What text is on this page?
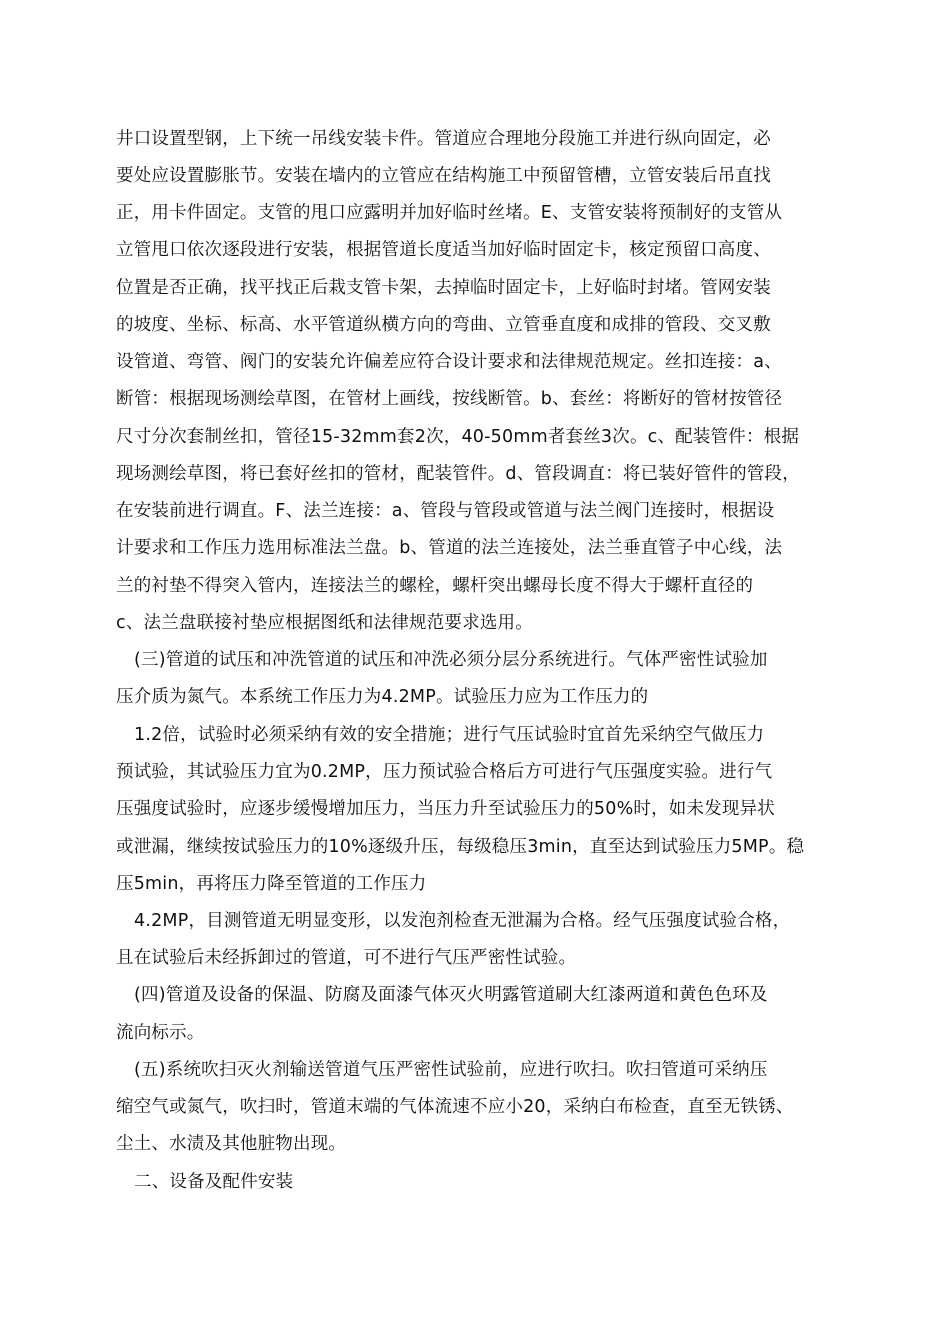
井口设置型钢，上下统一吊线安装卡件。管道应合理地分段施工并进行纵向固定，必
要处应设置膨胀节。安装在墙内的立管应在结构施工中预留管槽，立管安装后吊直找
正，用卡件固定。支管的甩口应露明并加好临时丝堵。E、支管安装将预制好的支管从
立管甩口依次逐段进行安装，根据管道长度适当加好临时固定卡，核定预留口高度、
位置是否正确，找平找正后栽支管卡架，去掉临时固定卡，上好临时封堵。管网安装
的坡度、坐标、标高、水平管道纵横方向的弯曲、立管垂直度和成排的管段、交叉敷
设管道、弯管、阀门的安装允许偏差应符合设计要求和法律规范规定。丝扣连接：a、
断管：根据现场测绘草图，在管材上画线，按线断管。b、套丝：将断好的管材按管径
尺寸分次套制丝扣，管径15-32mm套2次，40-50mm者套丝3次。c、配装管件：根据
现场测绘草图，将已套好丝扣的管材，配装管件。d、管段调直：将已装好管件的管段，
在安装前进行调直。F、法兰连接：a、管段与管段或管道与法兰阀门连接时，根据设
计要求和工作压力选用标准法兰盘。b、管道的法兰连接处，法兰垂直管子中心线，法
兰的衬垫不得突入管内，连接法兰的螺栓，螺杆突出螺母长度不得大于螺杆直径的
c、法兰盘联接衬垫应根据图纸和法律规范要求选用。
(三)管道的试压和冲洗管道的试压和冲洗必须分层分系统进行。气体严密性试验加
压介质为氮气。本系统工作压力为4.2MP。试验压力应为工作压力的
1.2倍，试验时必须采纳有效的安全措施；进行气压试验时宜首先采纳空气做压力
预试验，其试验压力宜为0.2MP，压力预试验合格后方可进行气压强度实验。进行气
压强度试验时，应逐步缓慢增加压力，当压力升至试验压力的50%时，如未发现异状
或泄漏，继续按试验压力的10%逐级升压，每级稳压3min，直至达到试验压力5MP。稳
压5min，再将压力降至管道的工作压力
4.2MP，目测管道无明显变形，以发泡剂检查无泄漏为合格。经气压强度试验合格，
且在试验后未经拆卸过的管道，可不进行气压严密性试验。
(四)管道及设备的保温、防腐及面漆气体灭火明露管道刷大红漆两道和黄色色环及
流向标示。
(五)系统吹扫灭火剂输送管道气压严密性试验前，应进行吹扫。吹扫管道可采纳压
缩空气或氮气，吹扫时，管道末端的气体流速不应小20，采纳白布检查，直至无铁锈、
尘土、水渍及其他脏物出现。
二、设备及配件安装
